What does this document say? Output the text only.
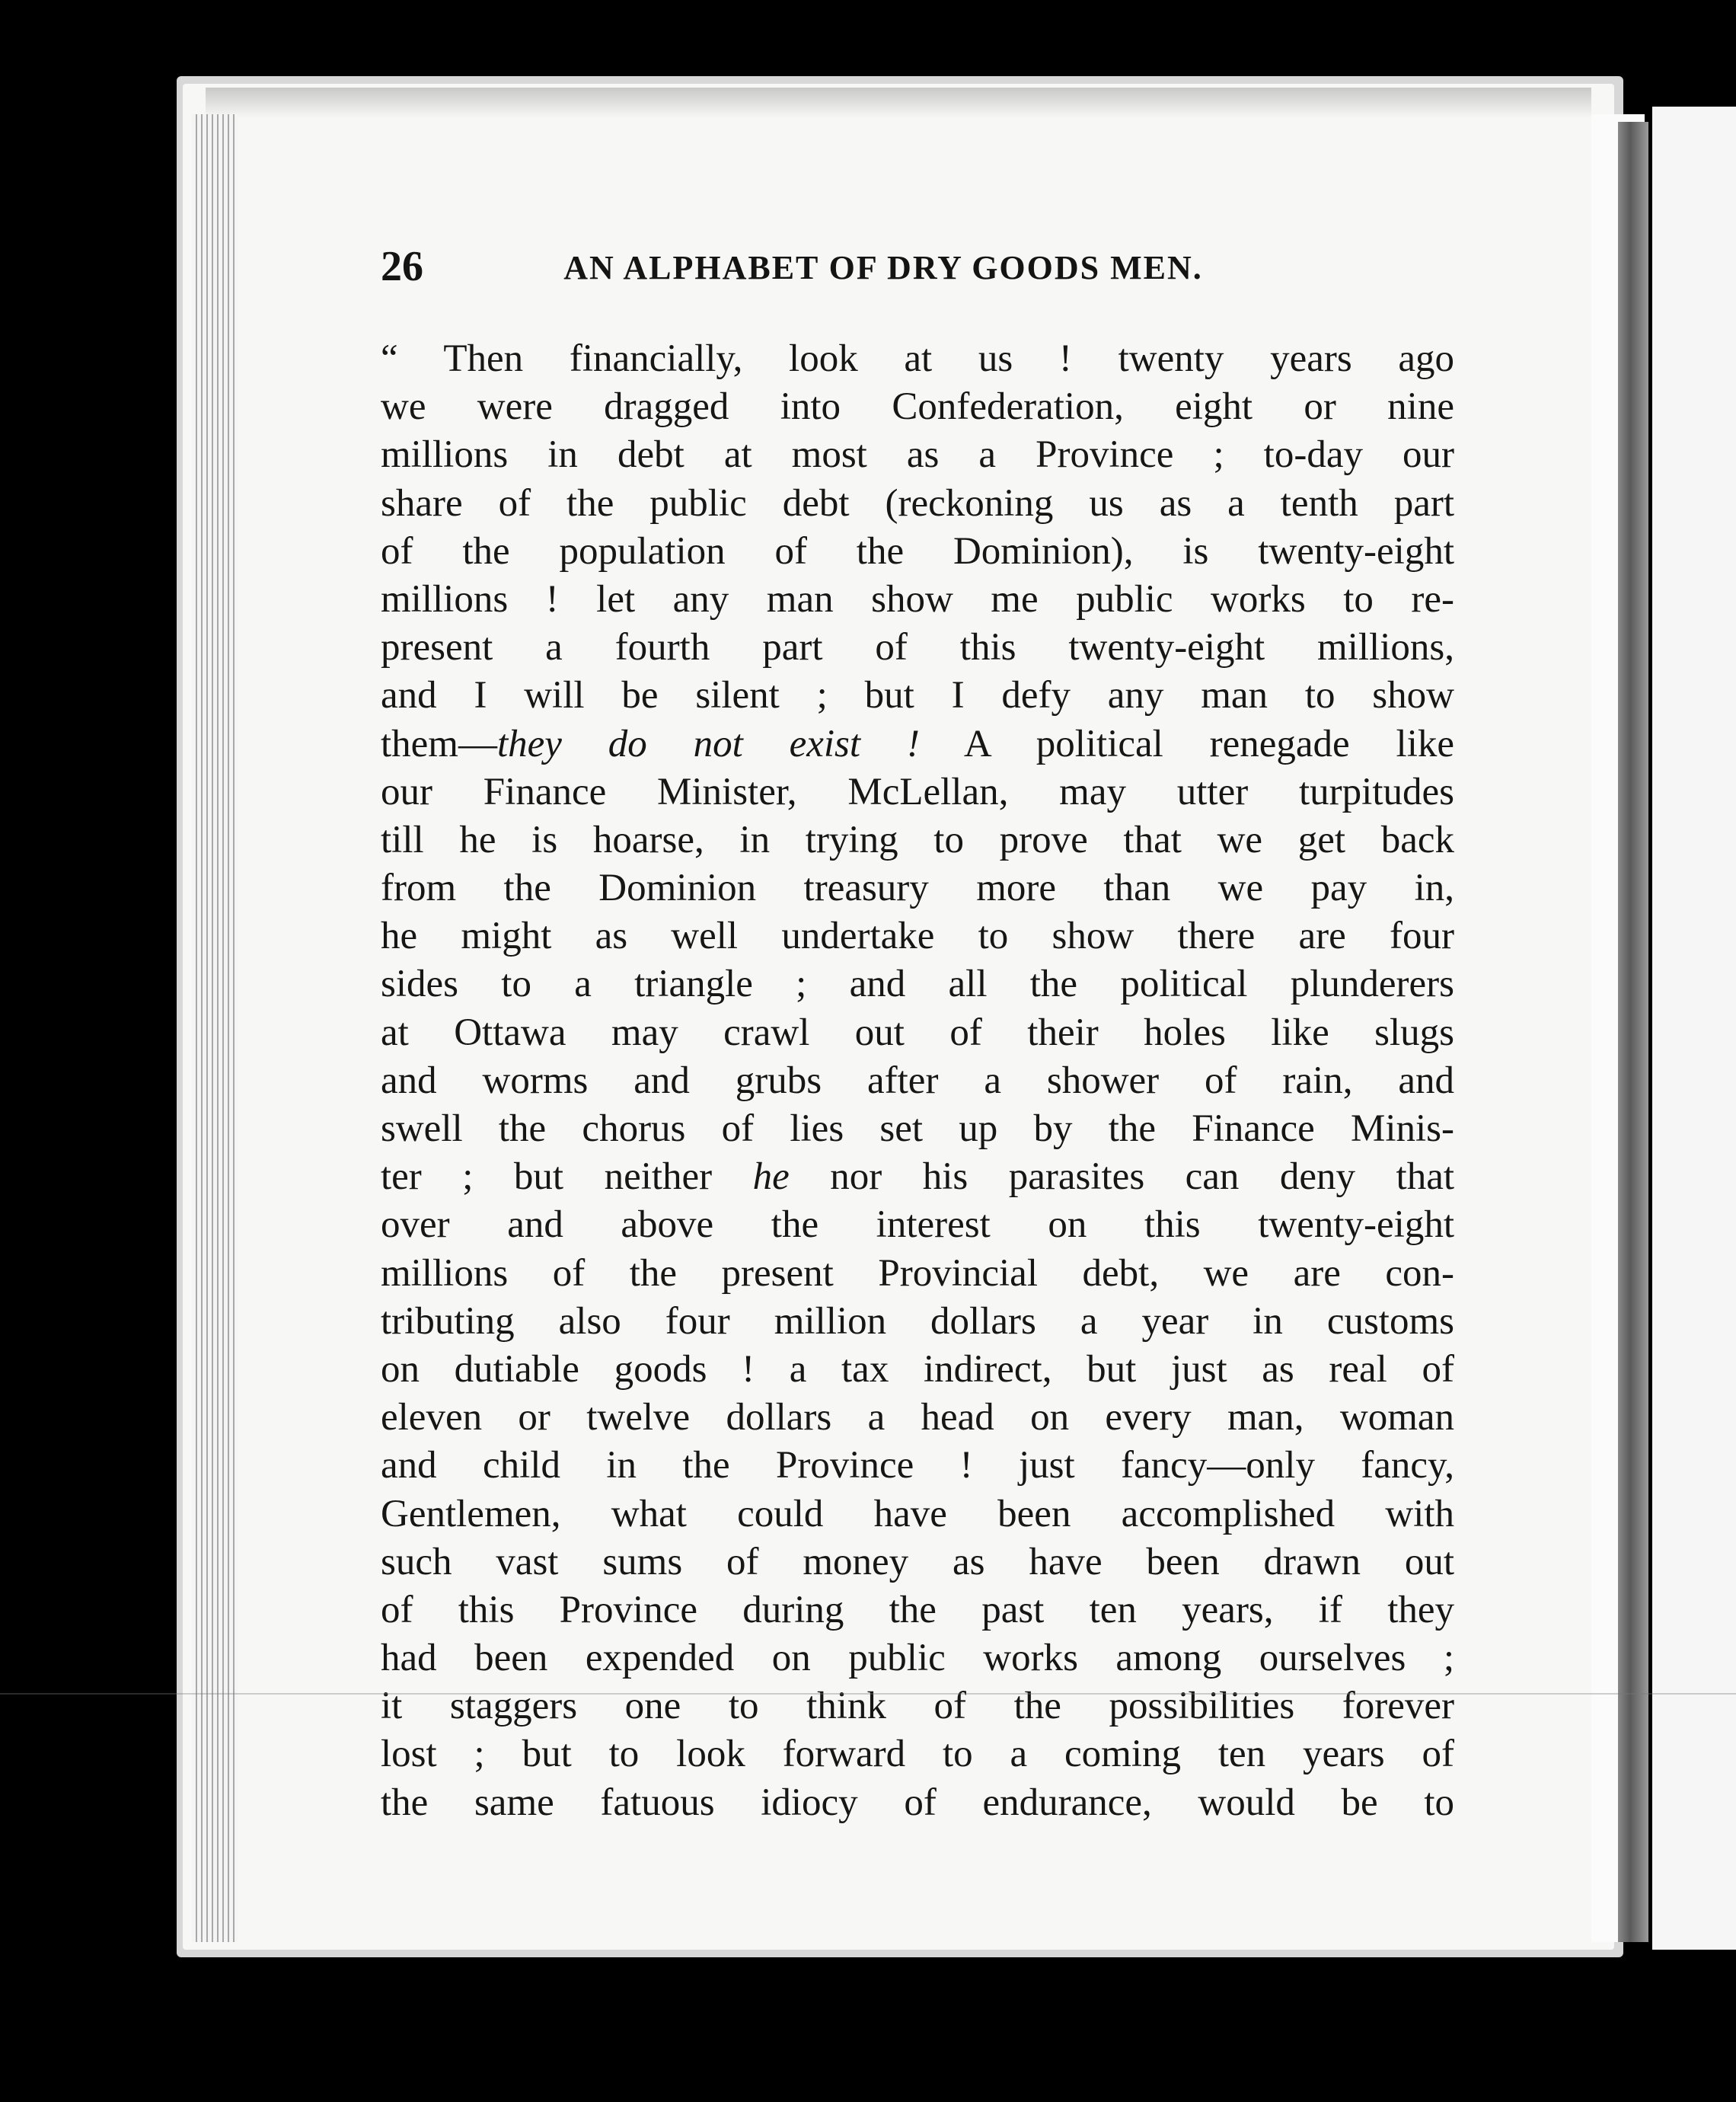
26	AN ALPHABET OF DRY GOODS MEN.
“ Then financially, look at us ! twenty years ago
we were dragged into Confederation, eight or nine
millions in debt at most as a Province ; to-day our
share of the public debt (reckoning us as a tenth part
of the population of the Dominion), is twenty-eight
millions ! let any man show me public works to re-
present a fourth part of this twenty-eight millions,
and I will be silent ; but I defy any man to show
them—they do not exist ! A political renegade like
our Finance Minister, McLellan, may utter turpitudes
till he is hoarse, in trying to prove that we get back
from the Dominion treasury more than we pay in,
he might as well undertake to show there are four
sides to a triangle ; and all the political plunderers
at Ottawa may crawl out of their holes like slugs
and worms and grubs after a shower of rain, and
swell the chorus of lies set up by the Finance Minis-
ter ; but neither he nor his parasites can deny that
over and above the interest on this twenty-eight
millions of the present Provincial debt, we are con-
tributing also four million dollars a year in customs
on dutiable goods ! a tax indirect, but just as real of
eleven or twelve dollars a head on every man, woman
and child in the Province ! just fancy—only fancy,
Gentlemen, what could have been accomplished with
such vast sums of money as have been drawn out
of this Province during the past ten years, if they
had been expended on public works among ourselves ;
it staggers one to think of the possibilities forever
lost ; but to look forward to a coming ten years of
the same fatuous idiocy of endurance, would be to
